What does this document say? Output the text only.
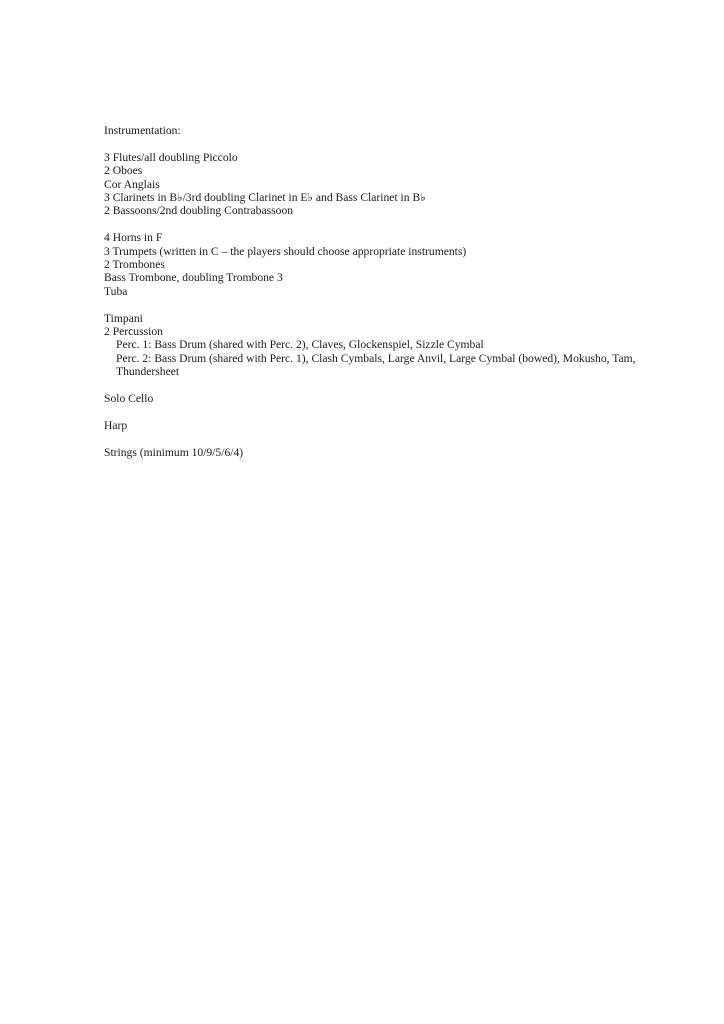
Instrumentation:
3 Flutes/all doubling Piccolo
2 Oboes
Cor Anglais
3 Clarinets in B♭/3rd doubling Clarinet in E♭ and Bass Clarinet in B♭
2 Bassoons/2nd doubling Contrabassoon
4 Horns in F
3 Trumpets (written in C – the players should choose appropriate instruments)
2 Trombones
Bass Trombone, doubling Trombone 3
Tuba
Timpani
2 Percussion
Perc. 1: Bass Drum (shared with Perc. 2), Claves, Glockenspiel, Sizzle Cymbal
Perc. 2: Bass Drum (shared with Perc. 1), Clash Cymbals, Large Anvil, Large Cymbal (bowed), Mokusho, Tam, Thundersheet
Solo Cello
Harp
Strings (minimum 10/9/5/6/4)
